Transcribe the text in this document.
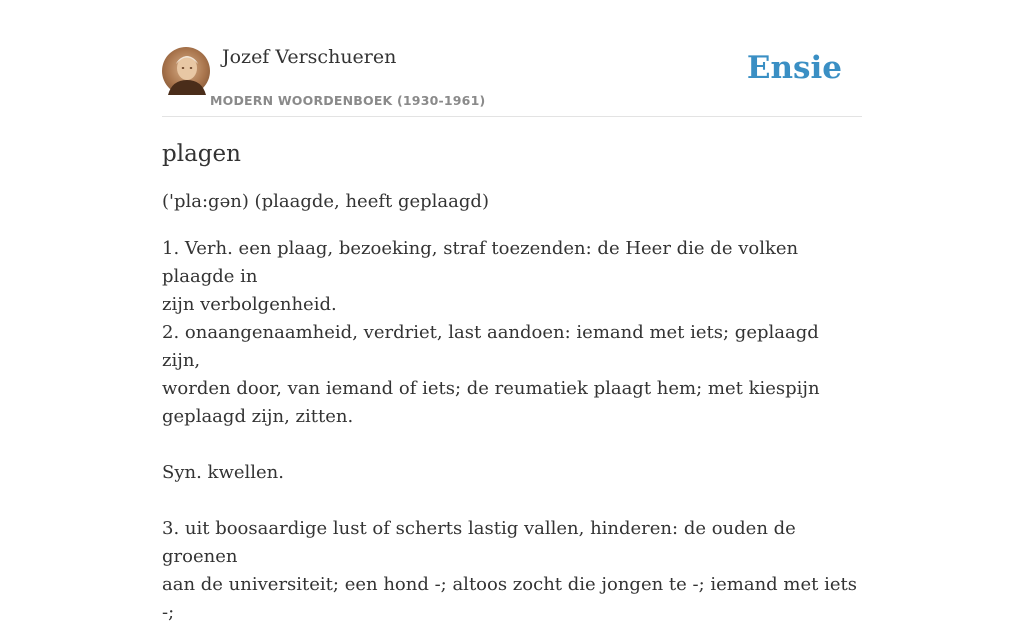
Jozef Verschueren
MODERN WOORDENBOEK (1930-1961)
Ensie
plagen

('pla:gən) (plaagde, heeft geplaagd)

1. Verh. een plaag, bezoeking, straf toezenden: de Heer die de volken plaagde in

zijn verbolgenheid.

2. onaangenaamheid, verdriet, last aandoen: iemand met iets; geplaagd zijn,

worden door, van iemand of iets; de reumatiek plaagt hem; met kiespijn

geplaagd zijn, zitten.

Syn. kwellen.

3. uit boosaardige lust of scherts lastig vallen, hinderen: de ouden de groenen

aan de universiteit; een hond -; altoos zocht die jongen te -; iemand met iets -;
